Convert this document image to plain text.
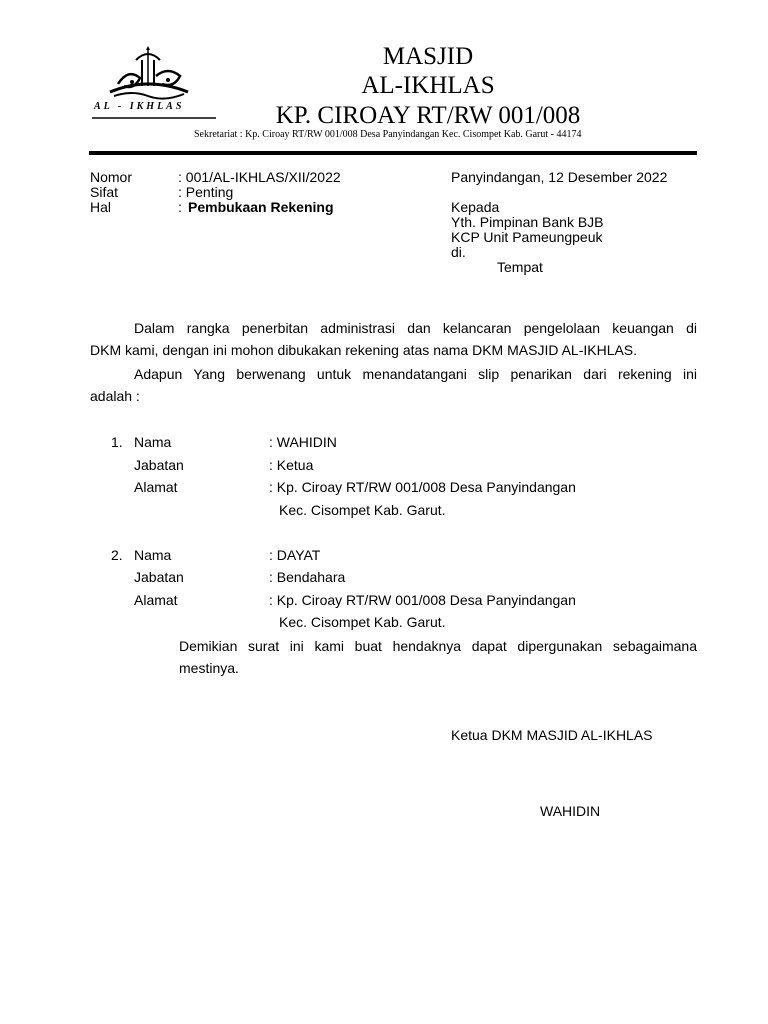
AL - IKHLAS
MASJID
AL-IKHLAS
KP. CIROAY RT/RW 001/008
Sekretariat : Kp. Ciroay RT/RW 001/008 Desa Panyindangan Kec. Cisompet Kab. Garut - 44174
Nomor	: 001/AL-IKHLAS/XII/2022
Sifat	: Penting
Hal	: Pembukaan Rekening
Panyindangan, 12 Desember 2022
Kepada
Yth. Pimpinan Bank BJB
KCP Unit Pameungpeuk
di.
Tempat
Dalam rangka penerbitan administrasi dan kelancaran pengelolaan keuangan di
DKM kami, dengan ini mohon dibukakan rekening atas nama DKM MASJID AL-IKHLAS.
Adapun Yang berwenang untuk menandatangani slip penarikan dari rekening ini
adalah :
1. Nama	: WAHIDIN
Jabatan	: Ketua
Alamat	: Kp. Ciroay RT/RW 001/008 Desa Panyindangan
Kec. Cisompet Kab. Garut.
2. Nama	: DAYAT
Jabatan	: Bendahara
Alamat	: Kp. Ciroay RT/RW 001/008 Desa Panyindangan
Kec. Cisompet Kab. Garut.
Demikian surat ini kami buat hendaknya dapat dipergunakan sebagaimana
mestinya.
Ketua DKM MASJID AL-IKHLAS
WAHIDIN
